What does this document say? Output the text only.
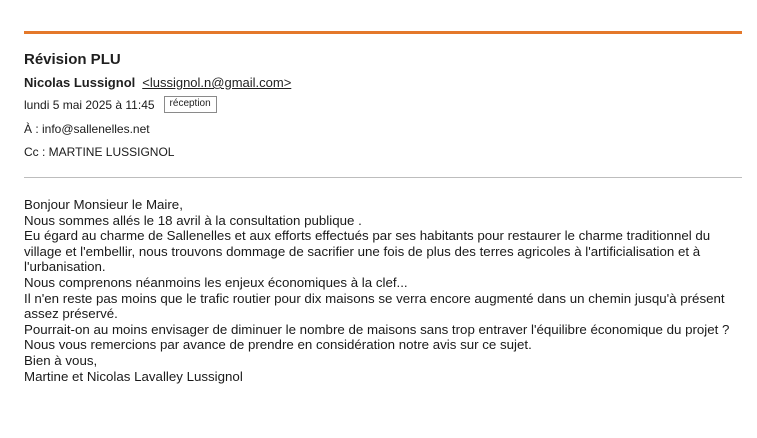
Révision PLU
Nicolas Lussignol <lussignol.n@gmail.com>
lundi 5 mai 2025 à 11:45	réception
À : info@sallenelles.net
Cc : MARTINE LUSSIGNOL

Bonjour Monsieur le Maire,

Nous sommes allés le 18 avril à la consultation publique .

Eu égard au charme de Sallenelles et aux efforts effectués par ses habitants pour restaurer le charme traditionnel du village et l'embellir, nous trouvons dommage de sacrifier une fois de plus des terres agricoles à l'artificialisation et à l'urbanisation.

Nous comprenons néanmoins les enjeux économiques à la clef...

Il n'en reste pas moins que le trafic routier pour dix maisons se verra encore augmenté dans un chemin jusqu'à présent assez préservé.

Pourrait-on au moins envisager de diminuer le nombre de maisons sans trop entraver l'équilibre économique du projet ?

Nous vous remercions par avance de prendre en considération notre avis sur ce sujet.

Bien à vous,

Martine et Nicolas Lavalley Lussignol
